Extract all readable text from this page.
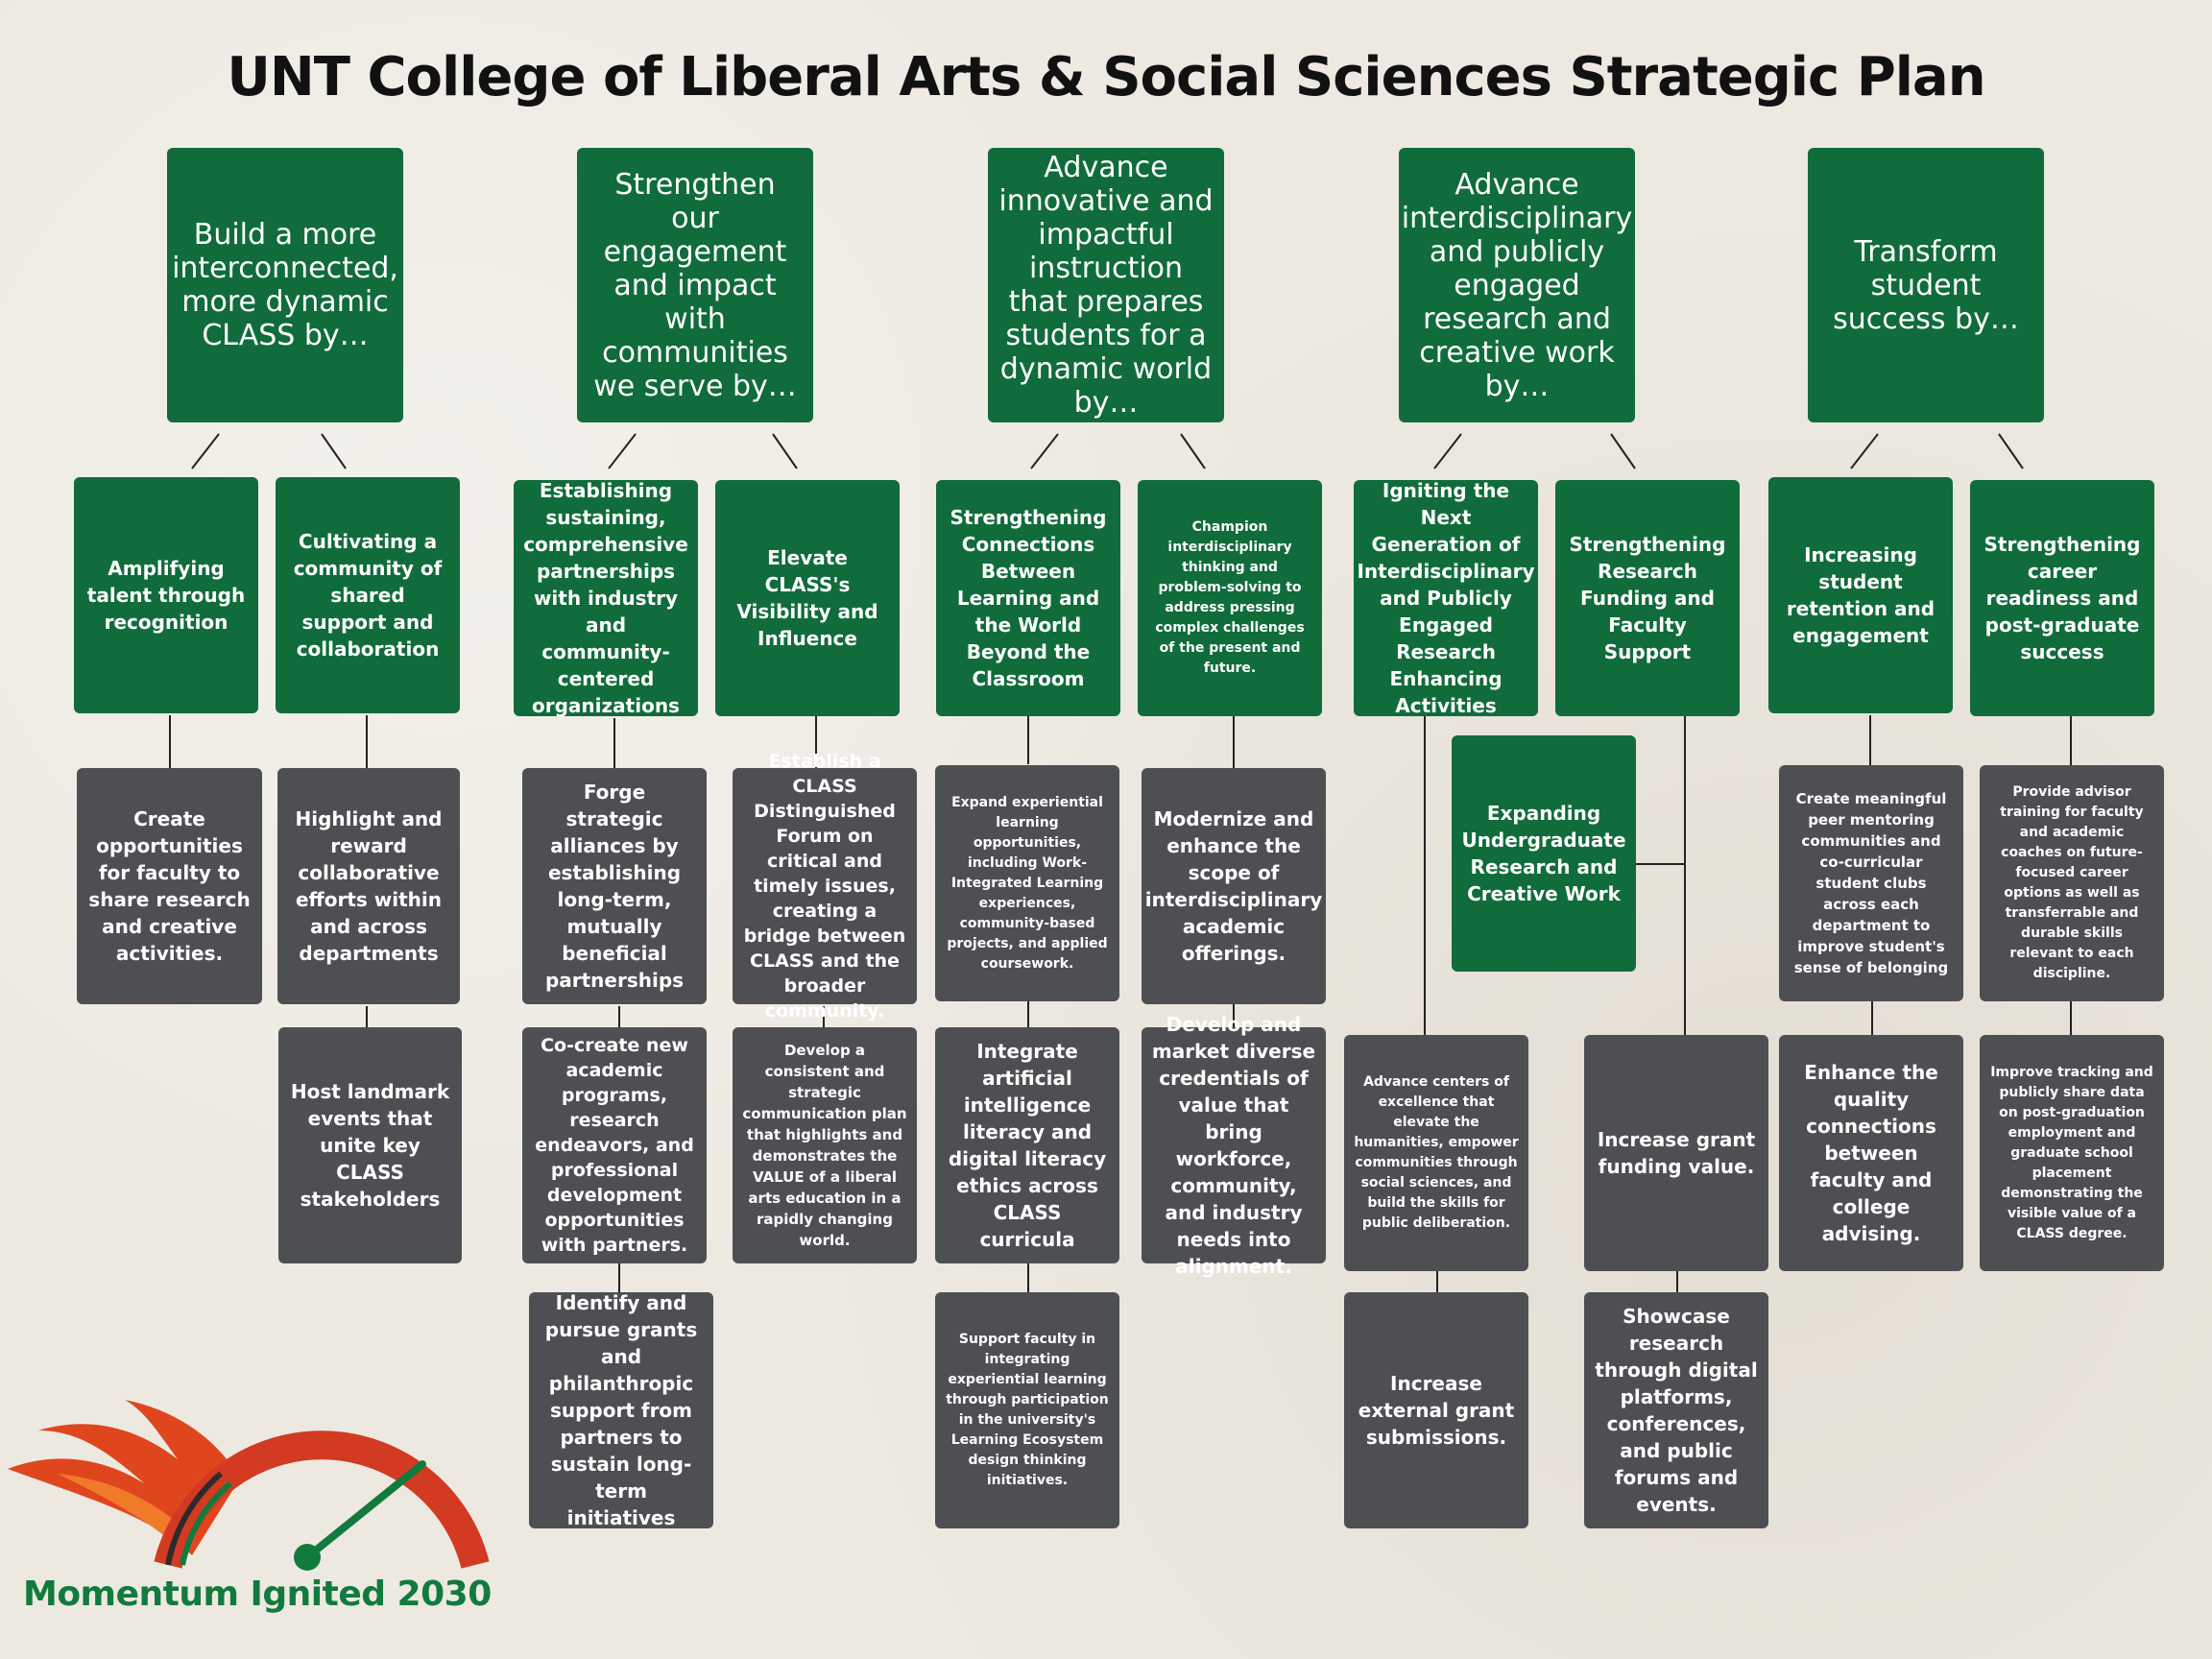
UNT College of Liberal Arts & Social Sciences Strategic Plan
Build a more interconnected, more dynamic CLASS by…
Strengthen our engagement and impact with communities we serve by…
Advance innovative and impactful instruction that prepares students for a dynamic world by…
Advance interdisciplinary and publicly engaged research and creative work by…
Transform student success by…
Amplifying talent through recognition
Cultivating a community of shared support and collaboration
Establishing sustaining, comprehensive partnerships with industry and community-centered organizations
Elevate CLASS's Visibility and Influence
Strengthening Connections Between Learning and the World Beyond the Classroom
Champion interdisciplinary thinking and problem-solving to address pressing complex challenges of the present and future.
Igniting the Next Generation of Interdisciplinary and Publicly Engaged Research Enhancing Activities
Strengthening Research Funding and Faculty Support
Expanding Undergraduate Research and Creative Work
Increasing student retention and engagement
Strengthening career readiness and post-graduate success
Create opportunities for faculty to share research and creative activities.
Highlight and reward collaborative efforts within and across departments
Host landmark events that unite key CLASS stakeholders
Forge strategic alliances by establishing long-term, mutually beneficial partnerships
Co-create new academic programs, research endeavors, and professional development opportunities with partners.
Identify and pursue grants and philanthropic support from partners to sustain long-term initiatives
Establish a CLASS Distinguished Forum on critical and timely issues, creating a bridge between CLASS and the broader community.
Develop a consistent and strategic communication plan that highlights and demonstrates the VALUE of a liberal arts education in a rapidly changing world.
Expand experiential learning opportunities, including Work-Integrated Learning experiences, community-based projects, and applied coursework.
Integrate artificial intelligence literacy and digital literacy ethics across CLASS curricula
Support faculty in integrating experiential learning through participation in the university's Learning Ecosystem design thinking initiatives.
Modernize and enhance the scope of interdisciplinary academic offerings.
Develop and market diverse credentials of value that bring workforce, community, and industry needs into alignment.
Advance centers of excellence that elevate the humanities, empower communities through social sciences, and build the skills for public deliberation.
Increase external grant submissions.
Increase grant funding value.
Showcase research through digital platforms, conferences, and public forums and events.
Create meaningful peer mentoring communities and co-curricular student clubs across each department to improve student's sense of belonging
Enhance the quality connections between faculty and college advising.
Provide advisor training for faculty and academic coaches on future-focused career options as well as transferrable and durable skills relevant to each discipline.
Improve tracking and publicly share data on post-graduation employment and graduate school placement demonstrating the visible value of a CLASS degree.
Momentum Ignited 2030
